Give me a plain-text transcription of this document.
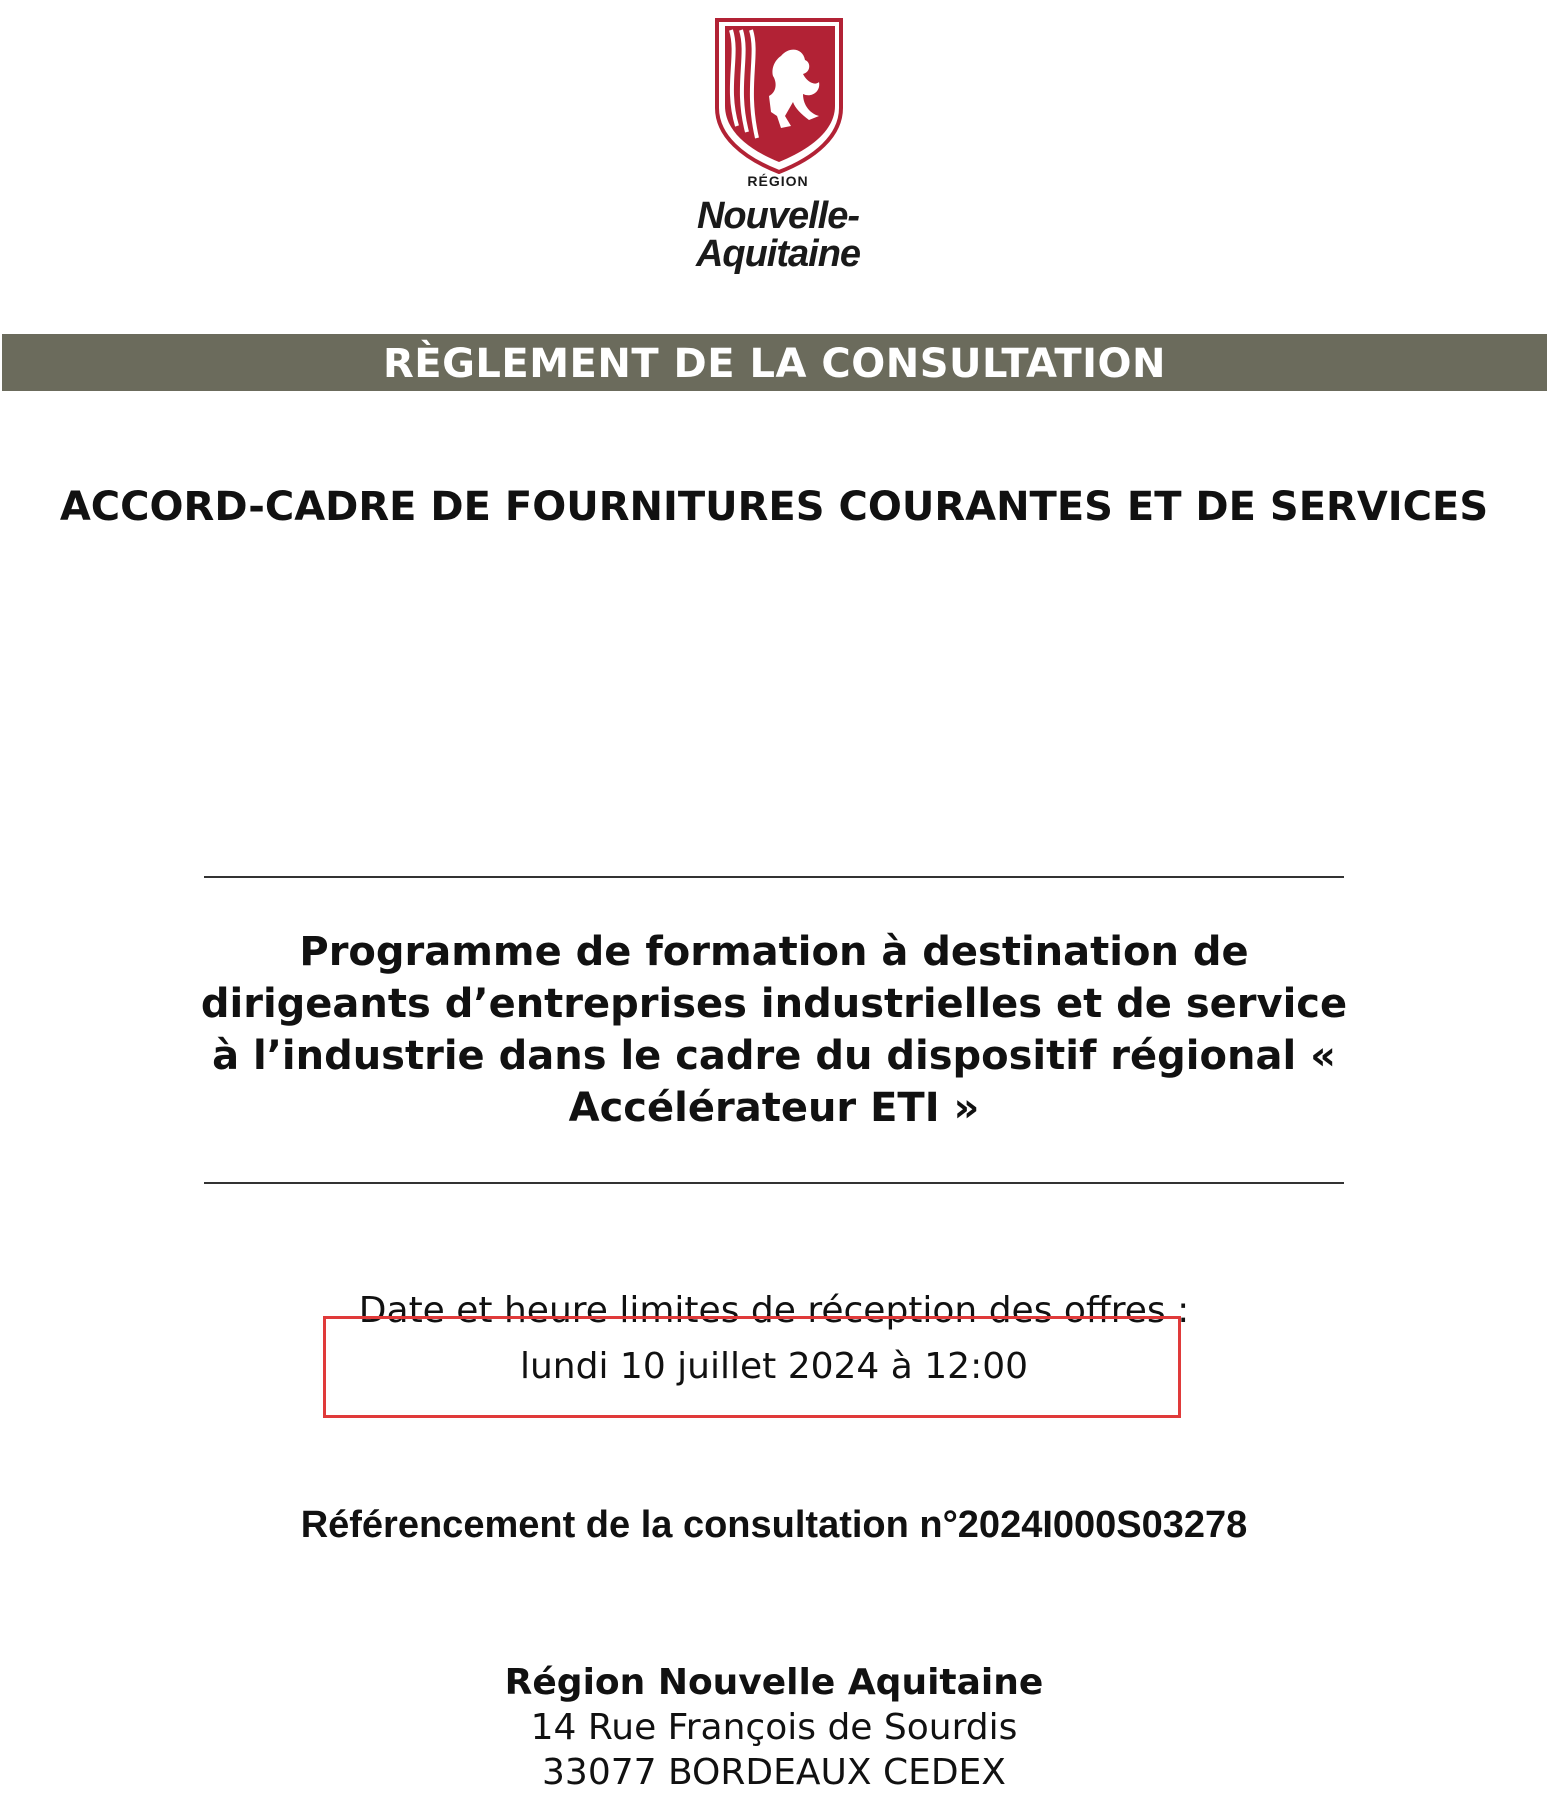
RÉGION
Nouvelle-
Aquitaine
RÈGLEMENT DE LA CONSULTATION
ACCORD-CADRE DE FOURNITURES COURANTES ET DE SERVICES
Programme de formation à destination de dirigeants d’entreprises industrielles et de service à l’industrie dans le cadre du dispositif régional « Accélérateur ETI »
Date et heure limites de réception des offres :
lundi 10 juillet 2024 à 12:00
Référencement de la consultation n°2024I000S03278
Région Nouvelle Aquitaine
14 Rue François de Sourdis
33077 BORDEAUX CEDEX
